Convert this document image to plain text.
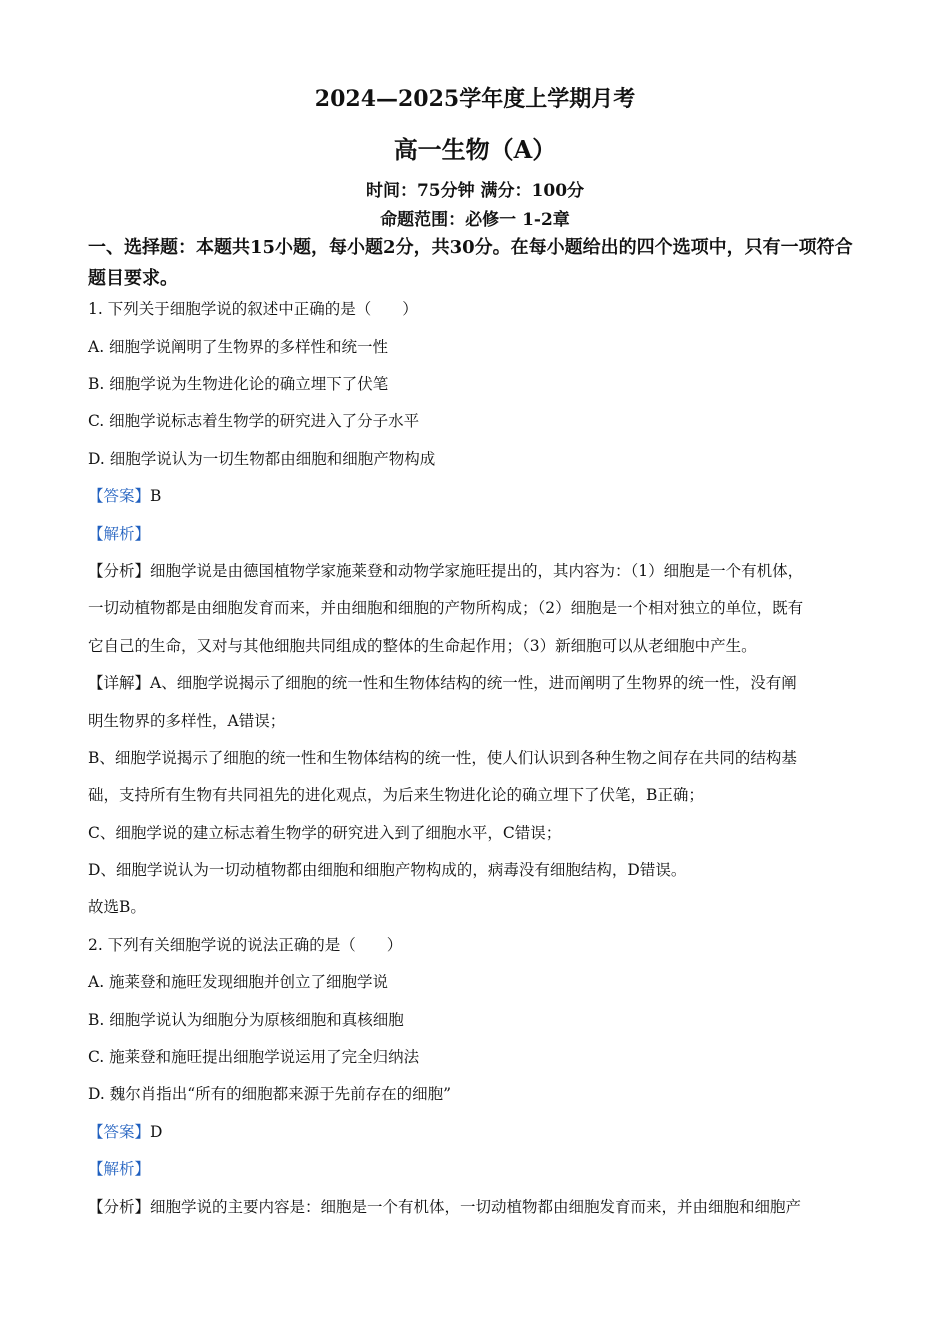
2024—2025学年度上学期月考
高一生物（A）
时间：75分钟 满分：100分
命题范围：必修一 1-2章
一、选择题：本题共15小题，每小题2分，共30分。在每小题给出的四个选项中，只有一项符合题目要求。
1. 下列关于细胞学说的叙述中正确的是（　　）
A. 细胞学说阐明了生物界的多样性和统一性
B. 细胞学说为生物进化论的确立埋下了伏笔
C. 细胞学说标志着生物学的研究进入了分子水平
D. 细胞学说认为一切生物都由细胞和细胞产物构成
【答案】B
【解析】
【分析】细胞学说是由德国植物学家施莱登和动物学家施旺提出的，其内容为：（1）细胞是一个有机体，
一切动植物都是由细胞发育而来，并由细胞和细胞的产物所构成；（2）细胞是一个相对独立的单位，既有
它自己的生命，又对与其他细胞共同组成的整体的生命起作用；（3）新细胞可以从老细胞中产生。
【详解】A、细胞学说揭示了细胞的统一性和生物体结构的统一性，进而阐明了生物界的统一性，没有阐
明生物界的多样性，A错误；
B、细胞学说揭示了细胞的统一性和生物体结构的统一性，使人们认识到各种生物之间存在共同的结构基
础，支持所有生物有共同祖先的进化观点，为后来生物进化论的确立埋下了伏笔，B正确；
C、细胞学说的建立标志着生物学的研究进入到了细胞水平，C错误；
D、细胞学说认为一切动植物都由细胞和细胞产物构成的，病毒没有细胞结构，D错误。
故选B。
2. 下列有关细胞学说的说法正确的是（　　）
A. 施莱登和施旺发现细胞并创立了细胞学说
B. 细胞学说认为细胞分为原核细胞和真核细胞
C. 施莱登和施旺提出细胞学说运用了完全归纳法
D. 魏尔肖指出“所有的细胞都来源于先前存在的细胞”
【答案】D
【解析】
【分析】细胞学说的主要内容是：细胞是一个有机体，一切动植物都由细胞发育而来，并由细胞和细胞产
